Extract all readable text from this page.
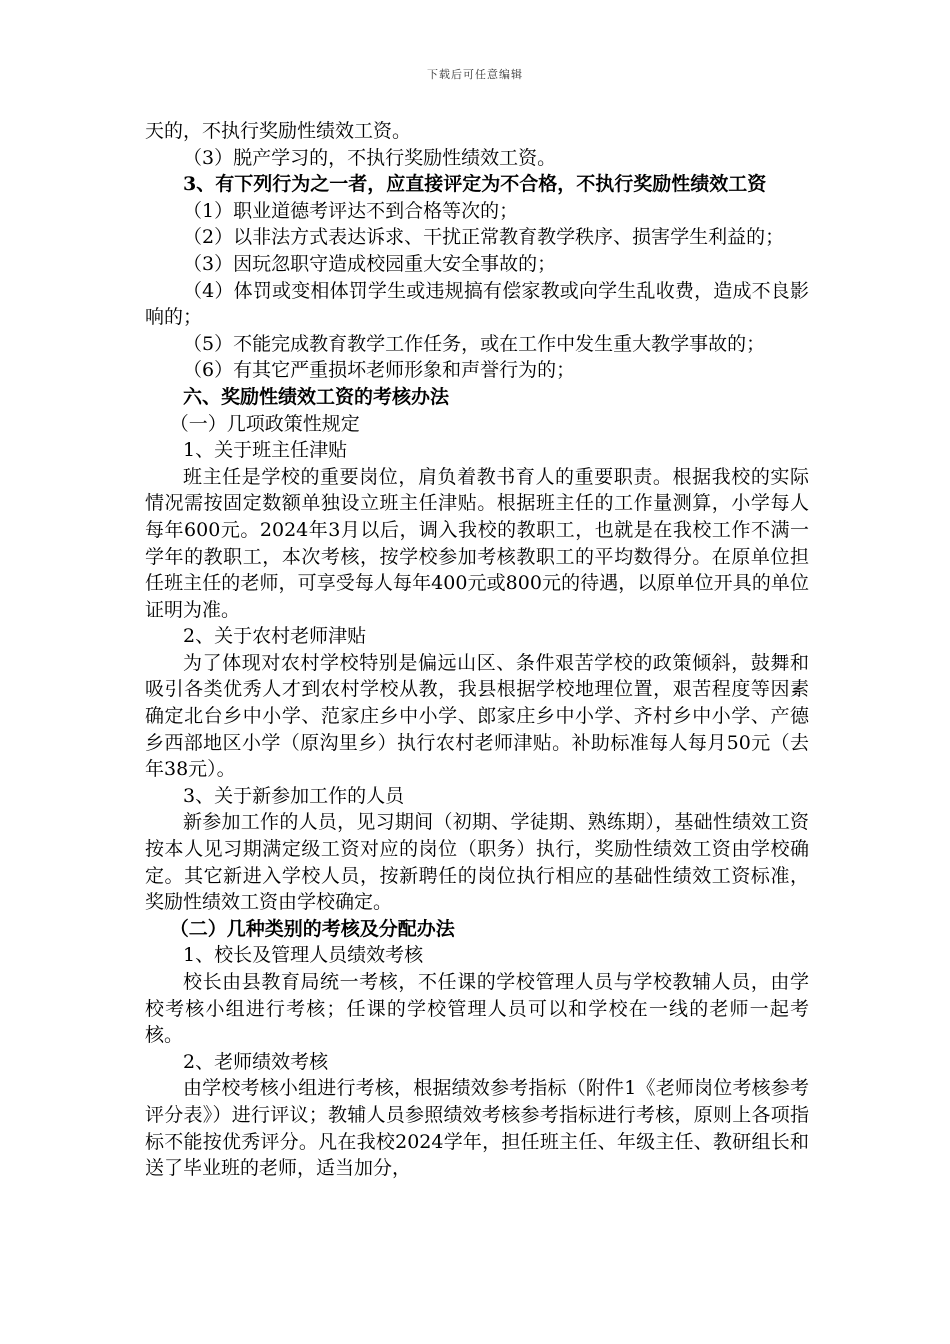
下载后可任意编辑

天的，不执行奖励性绩效工资。

（3）脱产学习的，不执行奖励性绩效工资。

3、有下列行为之一者，应直接评定为不合格，不执行奖励性绩效工资

（1）职业道德考评达不到合格等次的；

（2）以非法方式表达诉求、干扰正常教育教学秩序、损害学生利益的；

（3）因玩忽职守造成校园重大安全事故的；

（4）体罚或变相体罚学生或违规搞有偿家教或向学生乱收费，造成不良影响的；

（5）不能完成教育教学工作任务，或在工作中发生重大教学事故的；

（6）有其它严重损坏老师形象和声誉行为的；

六、奖励性绩效工资的考核办法

（一）几项政策性规定

1、关于班主任津贴

班主任是学校的重要岗位，肩负着教书育人的重要职责。根据我校的实际情况需按固定数额单独设立班主任津贴。根据班主任的工作量测算，小学每人每年600元。2024年3月以后，调入我校的教职工，也就是在我校工作不满一学年的教职工，本次考核，按学校参加考核教职工的平均数得分。在原单位担任班主任的老师，可享受每人每年400元或800元的待遇，以原单位开具的单位证明为准。

2、关于农村老师津贴

为了体现对农村学校特别是偏远山区、条件艰苦学校的政策倾斜，鼓舞和吸引各类优秀人才到农村学校从教，我县根据学校地理位置，艰苦程度等因素确定北台乡中小学、范家庄乡中小学、郎家庄乡中小学、齐村乡中小学、产德乡西部地区小学（原沟里乡）执行农村老师津贴。补助标准每人每月50元（去年38元）。

3、关于新参加工作的人员

新参加工作的人员，见习期间（初期、学徒期、熟练期），基础性绩效工资按本人见习期满定级工资对应的岗位（职务）执行，奖励性绩效工资由学校确定。其它新进入学校人员，按新聘任的岗位执行相应的基础性绩效工资标准，奖励性绩效工资由学校确定。

（二）几种类别的考核及分配办法

1、校长及管理人员绩效考核

校长由县教育局统一考核，不任课的学校管理人员与学校教辅人员，由学校考核小组进行考核；任课的学校管理人员可以和学校在一线的老师一起考核。

2、老师绩效考核

由学校考核小组进行考核，根据绩效参考指标（附件1《老师岗位考核参考评分表》）进行评议；教辅人员参照绩效考核参考指标进行考核，原则上各项指标不能按优秀评分。凡在我校2024学年，担任班主任、年级主任、教研组长和送了毕业班的老师，适当加分，
